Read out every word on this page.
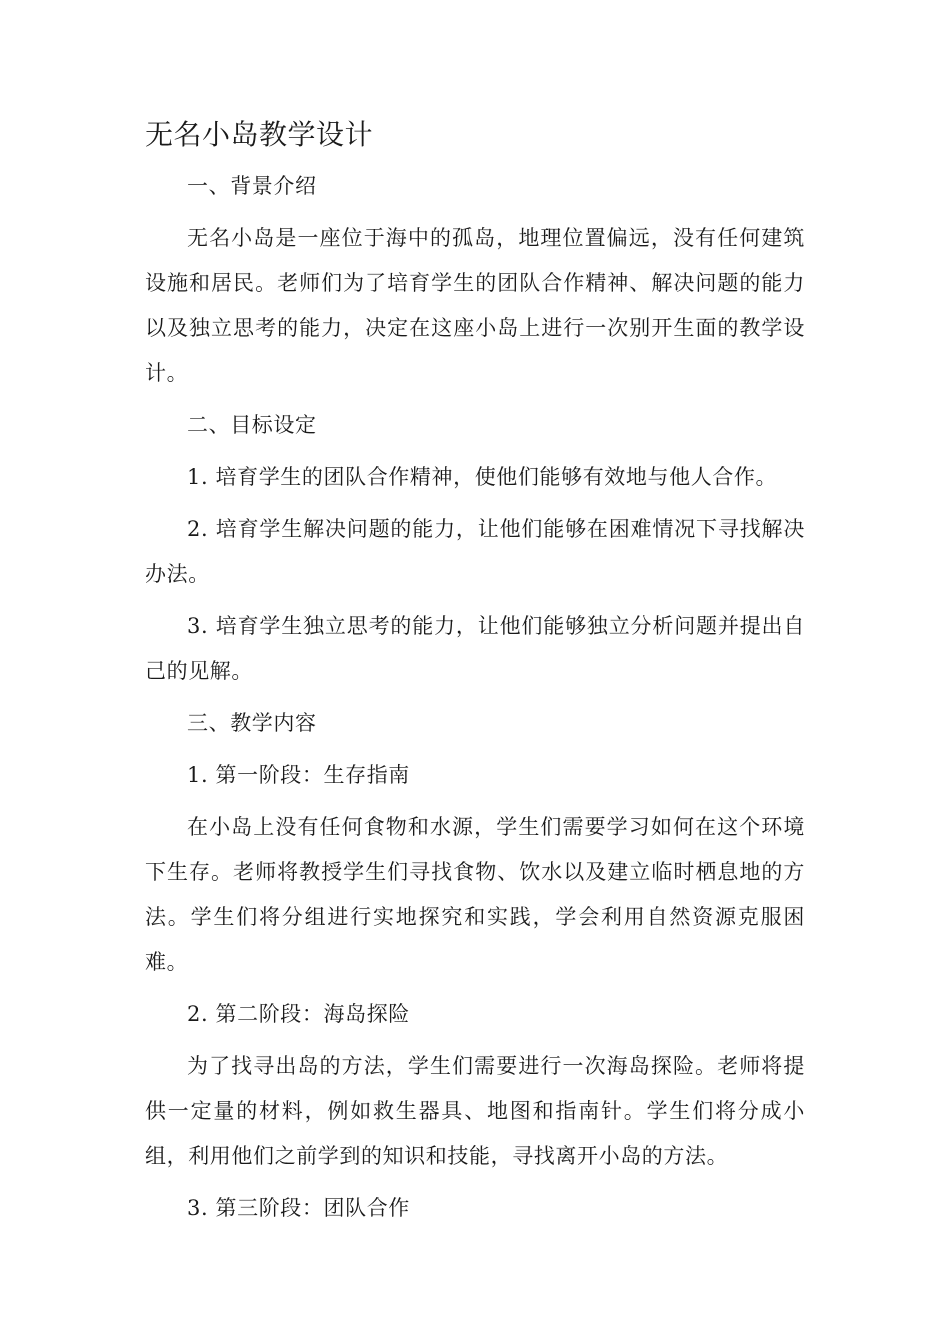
无名小岛教学设计

一、背景介绍

无名小岛是一座位于海中的孤岛，地理位置偏远，没有任何建筑设施和居民。老师们为了培育学生的团队合作精神、解决问题的能力以及独立思考的能力，决定在这座小岛上进行一次别开生面的教学设计。

二、目标设定

1. 培育学生的团队合作精神，使他们能够有效地与他人合作。

2. 培育学生解决问题的能力，让他们能够在困难情况下寻找解决办法。

3. 培育学生独立思考的能力，让他们能够独立分析问题并提出自己的见解。

三、教学内容

1. 第一阶段：生存指南

在小岛上没有任何食物和水源，学生们需要学习如何在这个环境下生存。老师将教授学生们寻找食物、饮水以及建立临时栖息地的方法。学生们将分组进行实地探究和实践，学会利用自然资源克服困难。

2. 第二阶段：海岛探险

为了找寻出岛的方法，学生们需要进行一次海岛探险。老师将提供一定量的材料，例如救生器具、地图和指南针。学生们将分成小组，利用他们之前学到的知识和技能，寻找离开小岛的方法。

3. 第三阶段：团队合作
